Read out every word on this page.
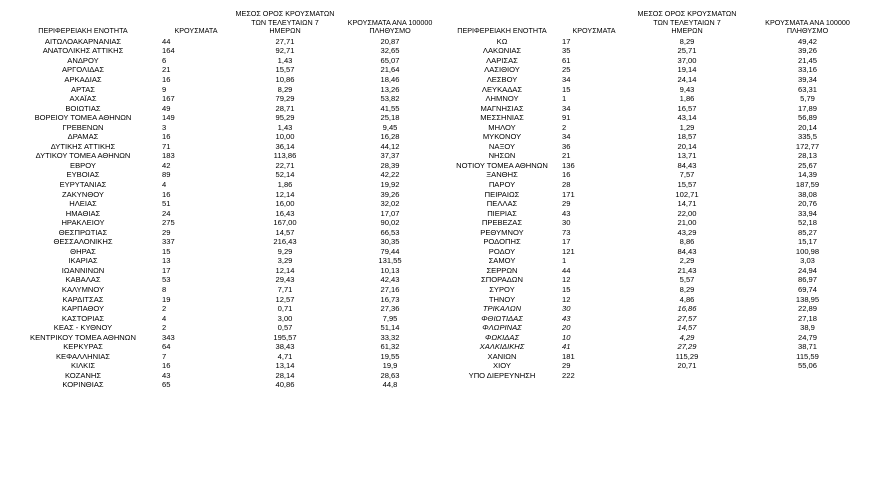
ΠΕΡΙΦΕΡΕΙΑΚΗ ΕΝΟΤΗΤΑ	ΚΡΟΥΣΜΑΤΑ	ΜΕΣΟΣ ΟΡΟΣ ΚΡΟΥΣΜΑΤΩΝ
ΤΩΝ ΤΕΛΕΥΤΑΙΩΝ 7
ΗΜΕΡΩΝ	ΚΡΟΥΣΜΑΤΑ ΑΝΑ 100000
ΠΛΗΘΥΣΜΟ
ΑΙΤΩΛΟΑΚΑΡΝΑΝΙΑΣ	44	27,71	20,87
ΑΝΑΤΟΛΙΚΗΣ ΑΤΤΙΚΗΣ	164	92,71	32,65
ΑΝΔΡΟΥ	6	1,43	65,07
ΑΡΓΟΛΙΔΑΣ	21	15,57	21,64
ΑΡΚΑΔΙΑΣ	16	10,86	18,46
ΑΡΤΑΣ	9	8,29	13,26
ΑΧΑΪΑΣ	167	79,29	53,82
ΒΟΙΩΤΙΑΣ	49	28,71	41,55
ΒΟΡΕΙΟΥ ΤΟΜΕΑ ΑΘΗΝΩΝ	149	95,29	25,18
ΓΡΕΒΕΝΩΝ	3	1,43	9,45
ΔΡΑΜΑΣ	16	10,00	16,28
ΔΥΤΙΚΗΣ ΑΤΤΙΚΗΣ	71	36,14	44,12
ΔΥΤΙΚΟΥ ΤΟΜΕΑ ΑΘΗΝΩΝ	183	113,86	37,37
ΕΒΡΟΥ	42	22,71	28,39
ΕΥΒΟΙΑΣ	89	52,14	42,22
ΕΥΡΥΤΑΝΙΑΣ	4	1,86	19,92
ΖΑΚΥΝΘΟΥ	16	12,14	39,26
ΗΛΕΙΑΣ	51	16,00	32,02
ΗΜΑΘΙΑΣ	24	16,43	17,07
ΗΡΑΚΛΕΙΟΥ	275	167,00	90,02
ΘΕΣΠΡΩΤΙΑΣ	29	14,57	66,53
ΘΕΣΣΑΛΟΝΙΚΗΣ	337	216,43	30,35
ΘΗΡΑΣ	15	9,29	79,44
ΙΚΑΡΙΑΣ	13	3,29	131,55
ΙΩΑΝΝΙΝΩΝ	17	12,14	10,13
ΚΑΒΑΛΑΣ	53	29,43	42,43
ΚΑΛΥΜΝΟΥ	8	7,71	27,16
ΚΑΡΔΙΤΣΑΣ	19	12,57	16,73
ΚΑΡΠΑΘΟΥ	2	0,71	27,36
ΚΑΣΤΟΡΙΑΣ	4	3,00	7,95
ΚΕΑΣ - ΚΥΘΝΟΥ	2	0,57	51,14
ΚΕΝΤΡΙΚΟΥ ΤΟΜΕΑ ΑΘΗΝΩΝ	343	195,57	33,32
ΚΕΡΚΥΡΑΣ	64	38,43	61,32
ΚΕΦΑΛΛΗΝΙΑΣ	7	4,71	19,55
ΚΙΛΚΙΣ	16	13,14	19,9
ΚΟΖΑΝΗΣ	43	28,14	28,63
ΚΟΡΙΝΘΙΑΣ	65	40,86	44,8
ΠΕΡΙΦΕΡΕΙΑΚΗ ΕΝΟΤΗΤΑ	ΚΡΟΥΣΜΑΤΑ	ΜΕΣΟΣ ΟΡΟΣ ΚΡΟΥΣΜΑΤΩΝ
ΤΩΝ ΤΕΛΕΥΤΑΙΩΝ 7
ΗΜΕΡΩΝ	ΚΡΟΥΣΜΑΤΑ ΑΝΑ 100000
ΠΛΗΘΥΣΜΟ
ΚΩ	17	8,29	49,42
ΛΑΚΩΝΙΑΣ	35	25,71	39,26
ΛΑΡΙΣΑΣ	61	37,00	21,45
ΛΑΣΙΘΙΟΥ	25	19,14	33,16
ΛΕΣΒΟΥ	34	24,14	39,34
ΛΕΥΚΑΔΑΣ	15	9,43	63,31
ΛΗΜΝΟΥ	1	1,86	5,79
ΜΑΓΝΗΣΙΑΣ	34	16,57	17,89
ΜΕΣΣΗΝΙΑΣ	91	43,14	56,89
ΜΗΛΟΥ	2	1,29	20,14
ΜΥΚΟΝΟΥ	34	18,57	335,5
ΝΑΞΟΥ	36	20,14	172,77
ΝΗΣΩΝ	21	13,71	28,13
ΝΟΤΙΟΥ ΤΟΜΕΑ ΑΘΗΝΩΝ	136	84,43	25,67
ΞΑΝΘΗΣ	16	7,57	14,39
ΠΑΡΟΥ	28	15,57	187,59
ΠΕΙΡΑΙΩΣ	171	102,71	38,08
ΠΕΛΛΑΣ	29	14,71	20,76
ΠΙΕΡΙΑΣ	43	22,00	33,94
ΠΡΕΒΕΖΑΣ	30	21,00	52,18
ΡΕΘΥΜΝΟΥ	73	43,29	85,27
ΡΟΔΟΠΗΣ	17	8,86	15,17
ΡΟΔΟΥ	121	84,43	100,98
ΣΑΜΟΥ	1	2,29	3,03
ΣΕΡΡΩΝ	44	21,43	24,94
ΣΠΟΡΑΔΩΝ	12	5,57	86,97
ΣΥΡΟΥ	15	8,29	69,74
ΤΗΝΟΥ	12	4,86	138,95
ΤΡΙΚΑΛΩΝ	30	16,86	22,89
ΦΘΙΩΤΙΔΑΣ	43	27,57	27,18
ΦΛΩΡΙΝΑΣ	20	14,57	38,9
ΦΩΚΙΔΑΣ	10	4,29	24,79
ΧΑΛΚΙΔΙΚΗΣ	41	27,29	38,71
ΧΑΝΙΩΝ	181	115,29	115,59
ΧΙΟΥ	29	20,71	55,06
ΥΠΟ ΔΙΕΡΕΥΝΗΣΗ	222		
